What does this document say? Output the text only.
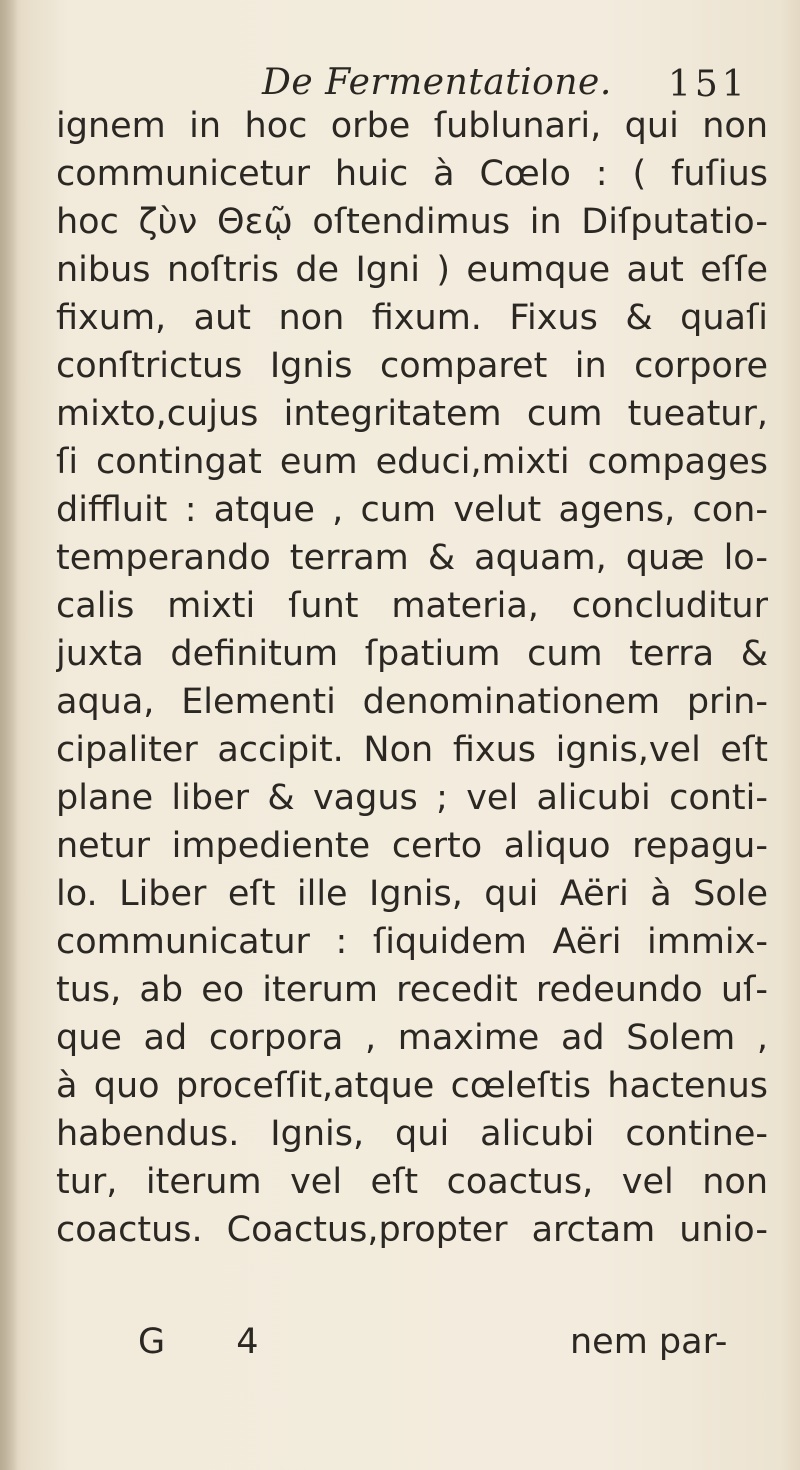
De Fermentatione. 151
ignem in hoc orbe ſublunari, qui non
communicetur huic à Cœlo : ( fuſius
hoc ζὺν Θεῷ oſtendimus in Diſputatio-
nibus noſtris de Igni ) eumque aut eſſe
fixum, aut non fixum. Fixus & quaſi
conſtrictus Ignis comparet in corpore
mixto,cujus integritatem cum tueatur,
ſi contingat eum educi,mixti compages
diffluit : atque , cum velut agens, con-
temperando terram & aquam, quæ lo-
calis mixti ſunt materia, concluditur
juxta definitum ſpatium cum terra &
aqua, Elementi denominationem prin-
cipaliter accipit. Non fixus ignis,vel eſt
plane liber & vagus ; vel alicubi conti-
netur impediente certo aliquo repagu-
lo. Liber eſt ille Ignis, qui Aëri à Sole
communicatur : ſiquidem Aëri immix-
tus, ab eo iterum recedit redeundo uſ-
que ad corpora , maxime ad Solem ,
à quo proceſſit,atque cœleſtis hactenus
habendus. Ignis, qui alicubi contine-
tur, iterum vel eſt coactus, vel non
coactus. Coactus,propter arctam unio-
G 4	nem par-
